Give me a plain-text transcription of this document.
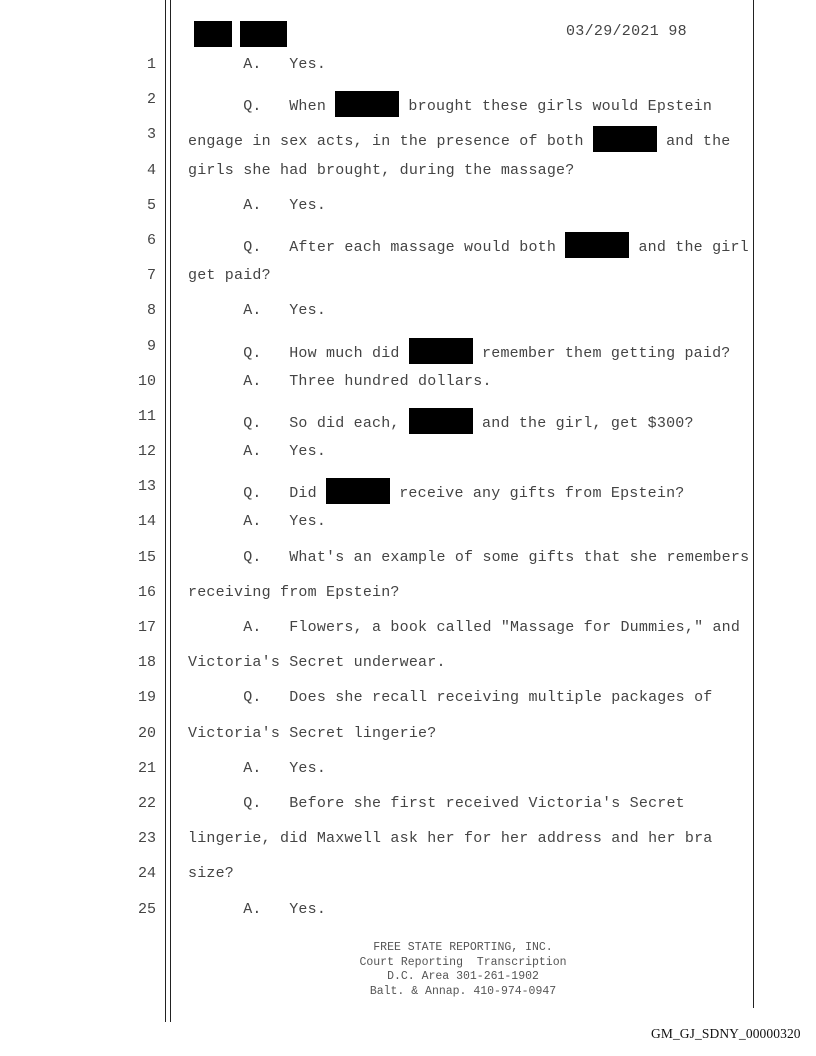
03/29/2021 98
1 A.   Yes.
2 Q.   When	brought these girls would Epstein
3 engage in sex acts, in the presence of both	and the
4 girls she had brought, during the massage?
5 A.   Yes.
6 Q.   After each massage would both	and the girl
7 get paid?
8 A.   Yes.
9 Q.   How much did	remember them getting paid?
10 A.   Three hundred dollars.
11 Q.   So did each,	and the girl, get $300?
12 A.   Yes.
13 Q.   Did	receive any gifts from Epstein?
14 A.   Yes.
15 Q.   What's an example of some gifts that she remembers
16 receiving from Epstein?
17 A.   Flowers, a book called "Massage for Dummies," and
18 Victoria's Secret underwear.
19 Q.   Does she recall receiving multiple packages of
20 Victoria's Secret lingerie?
21 A.   Yes.
22 Q.   Before she first received Victoria's Secret
23 lingerie, did Maxwell ask her for her address and her bra
24 size?
25 A.   Yes.
FREE STATE REPORTING, INC.
Court Reporting  Transcription
D.C. Area 301-261-1902
Balt. & Annap. 410-974-0947
GM_GJ_SDNY_00000320
